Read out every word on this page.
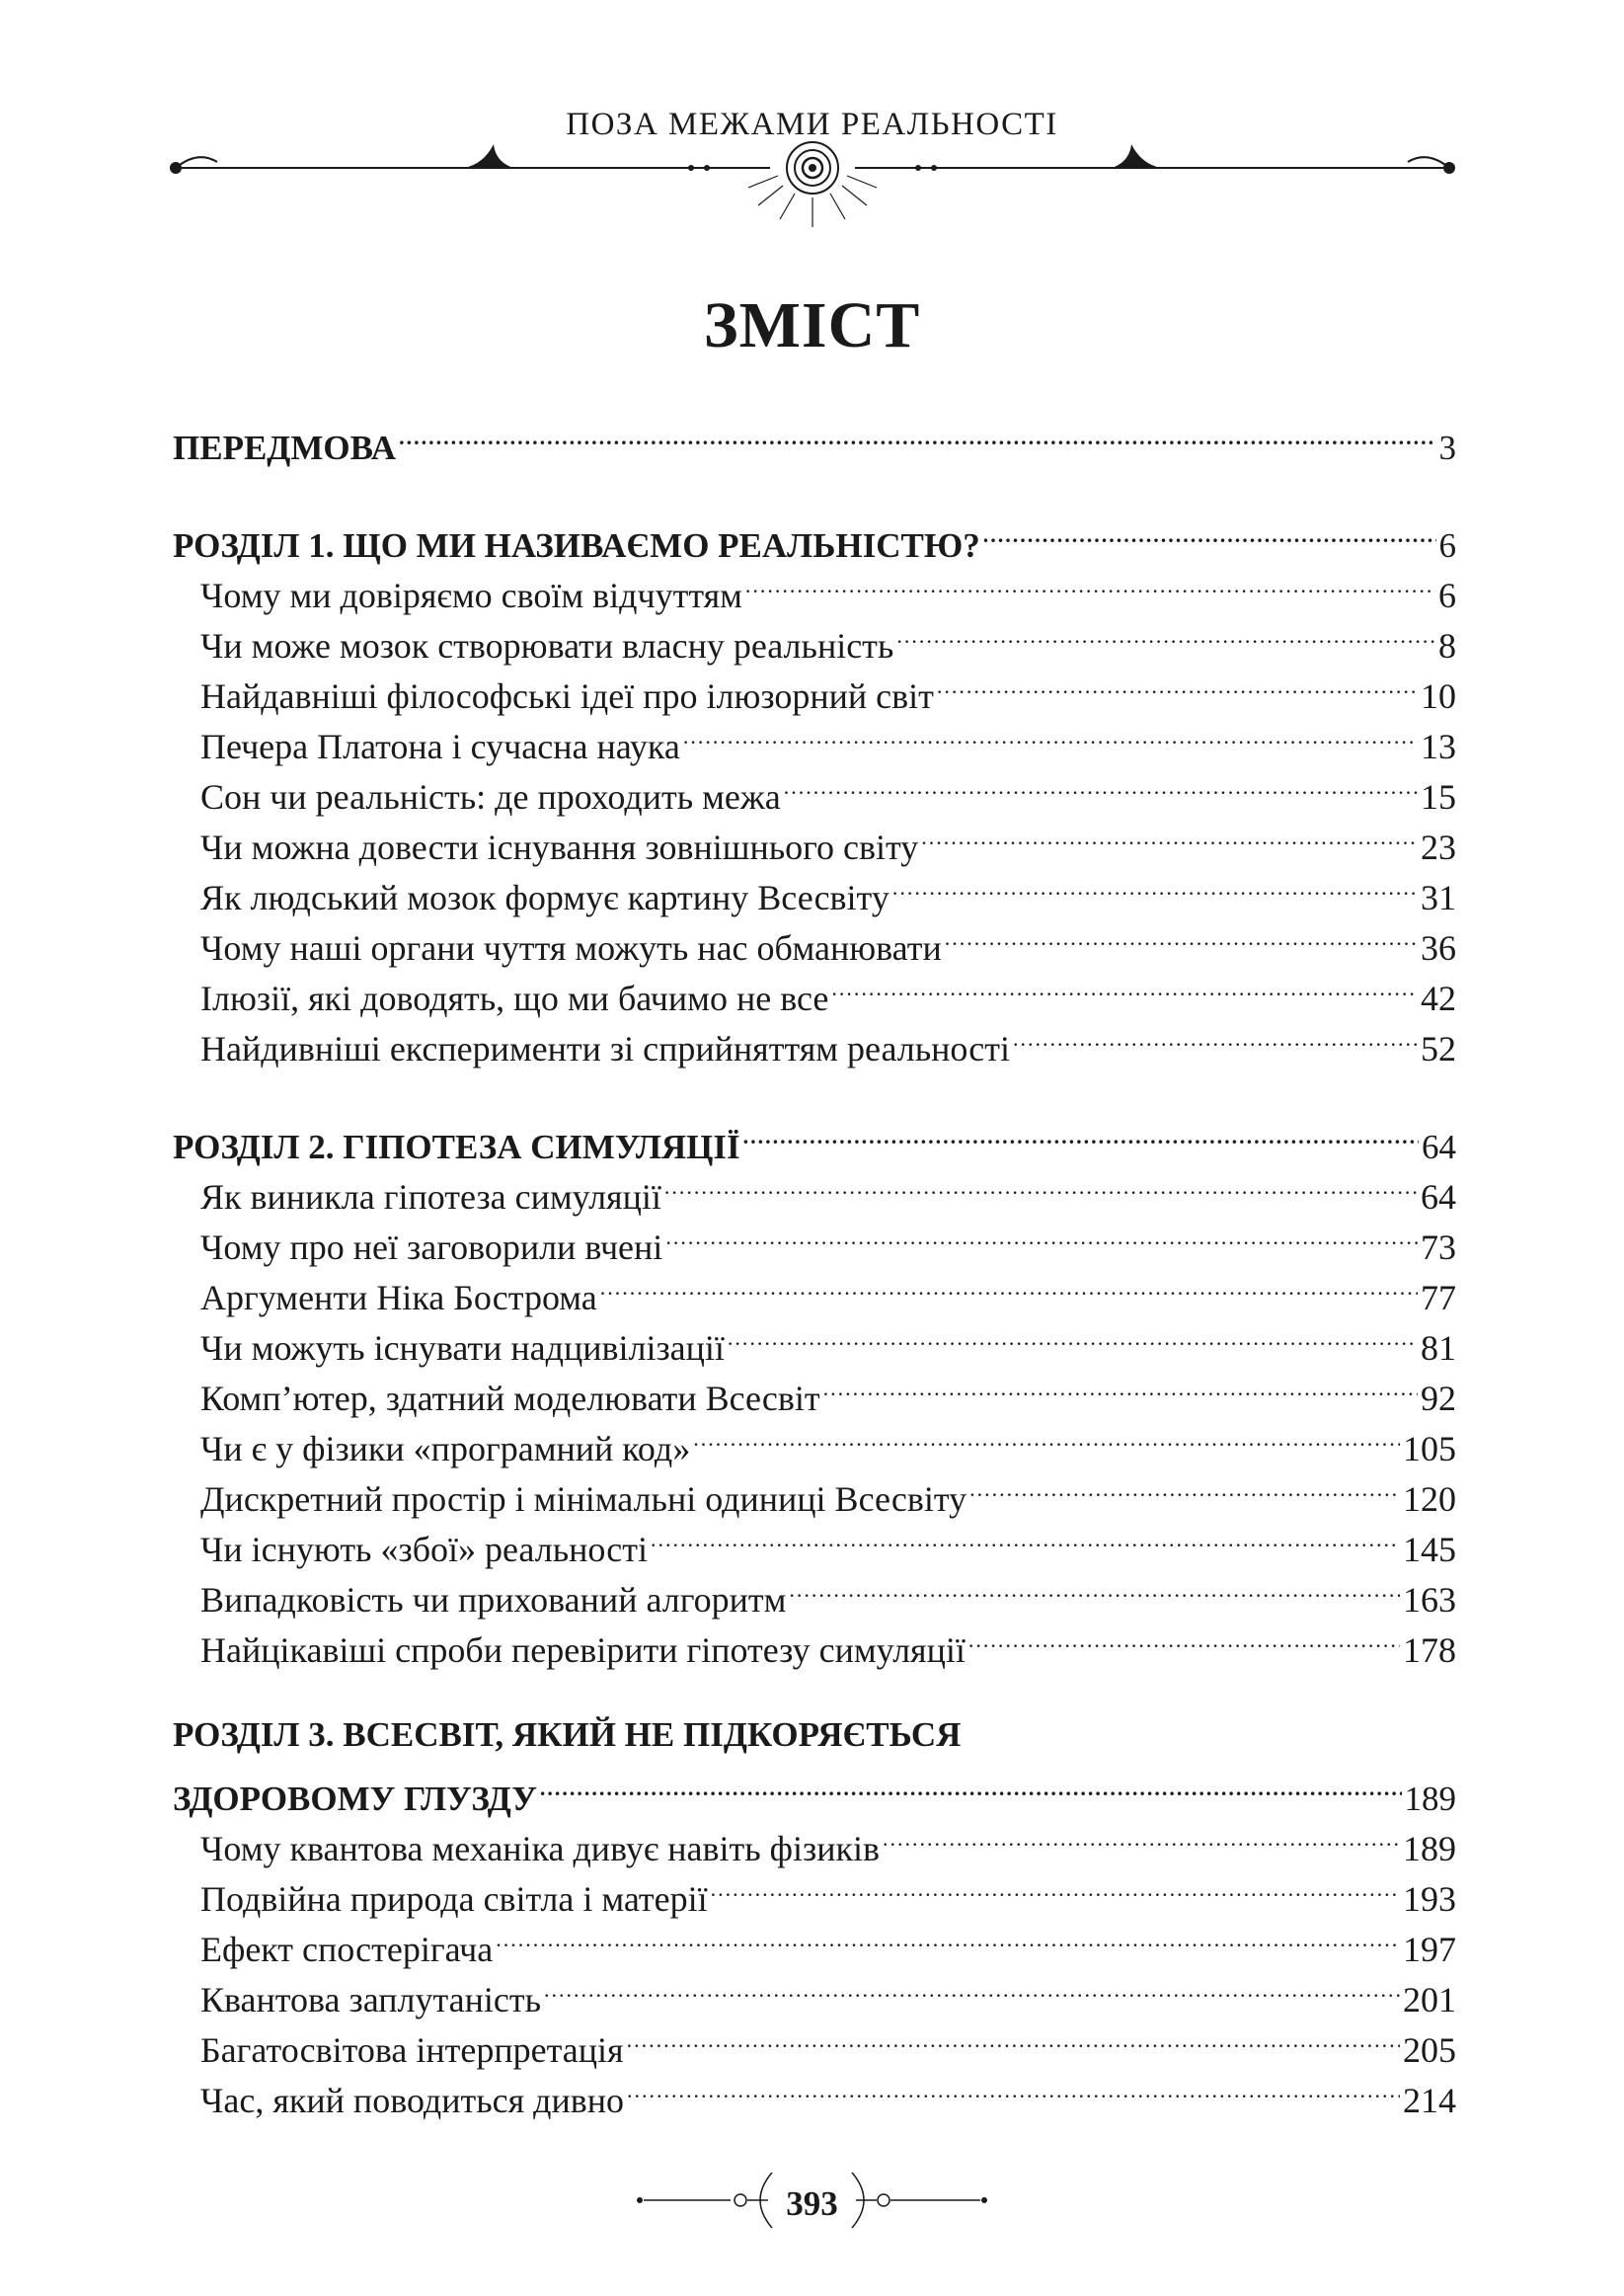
ПОЗА МЕЖАМИ РЕАЛЬНОСТІ
ЗМІСТ
ПЕРЕДМОВА .....	3
РОЗДІЛ 1. ЩО МИ НАЗИВАЄМО РЕАЛЬНІСТЮ? .....	6
Чому ми довіряємо своїм відчуттям .....	6
Чи може мозок створювати власну реальність .....	8
Найдавніші філософські ідеї про ілюзорний світ .....	10
Печера Платона і сучасна наука .....	13
Сон чи реальність: де проходить межа .....	15
Чи можна довести існування зовнішнього світу .....	23
Як людський мозок формує картину Всесвіту .....	31
Чому наші органи чуття можуть нас обманювати .....	36
Ілюзії, які доводять, що ми бачимо не все .....	42
Найдивніші експерименти зі сприйняттям реальності .....	52
РОЗДІЛ 2. ГІПОТЕЗА СИМУЛЯЦІЇ .....	64
Як виникла гіпотеза симуляції .....	64
Чому про неї заговорили вчені .....	73
Аргументи Ніка Бострома .....	77
Чи можуть існувати надцивілізації .....	81
Комп’ютер, здатний моделювати Всесвіт .....	92
Чи є у фізики «програмний код» .....	105
Дискретний простір і мінімальні одиниці Всесвіту .....	120
Чи існують «збої» реальності .....	145
Випадковість чи прихований алгоритм .....	163
Найцікавіші спроби перевірити гіпотезу симуляції .....	178
РОЗДІЛ 3. ВСЕСВІТ, ЯКИЙ НЕ ПІДКОРЯЄТЬСЯ
ЗДОРОВОМУ ГЛУЗДУ .....	189
Чому квантова механіка дивує навіть фізиків .....	189
Подвійна природа світла і матерії .....	193
Ефект спостерігача .....	197
Квантова заплутаність .....	201
Багатосвітова інтерпретація .....	205
Час, який поводиться дивно .....	214
393
